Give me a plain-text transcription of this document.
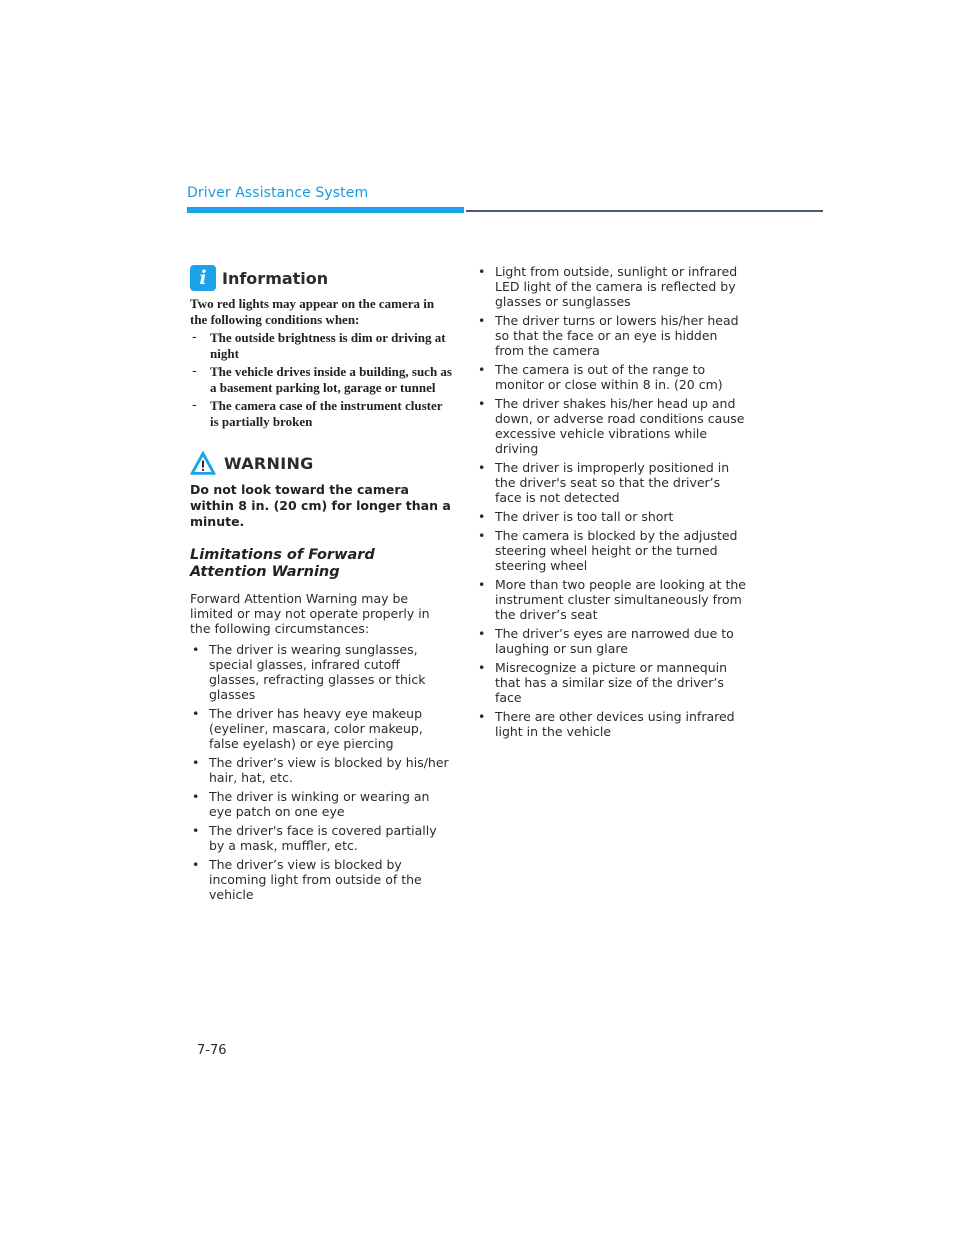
Driver Assistance System
i Information
Two red lights may appear on the camera in the following conditions when:
- The outside brightness is dim or driving at night
- The vehicle drives inside a building, such as a basement parking lot, garage or tunnel
- The camera case of the instrument cluster is partially broken
WARNING
Do not look toward the camera within 8 in. (20 cm) for longer than a minute.
Limitations of Forward Attention Warning
Forward Attention Warning may be limited or may not operate properly in the following circumstances:
• The driver is wearing sunglasses, special glasses, infrared cutoff glasses, refracting glasses or thick glasses
• The driver has heavy eye makeup (eyeliner, mascara, color makeup, false eyelash) or eye piercing
• The driver’s view is blocked by his/her hair, hat, etc.
• The driver is winking or wearing an eye patch on one eye
• The driver's face is covered partially by a mask, muffler, etc.
• The driver’s view is blocked by incoming light from outside of the vehicle
• Light from outside, sunlight or infrared LED light of the camera is reflected by glasses or sunglasses
• The driver turns or lowers his/her head so that the face or an eye is hidden from the camera
• The camera is out of the range to monitor or close within 8 in. (20 cm)
• The driver shakes his/her head up and down, or adverse road conditions cause excessive vehicle vibrations while driving
• The driver is improperly positioned in the driver's seat so that the driver’s face is not detected
• The driver is too tall or short
• The camera is blocked by the adjusted steering wheel height or the turned steering wheel
• More than two people are looking at the instrument cluster simultaneously from the driver’s seat
• The driver’s eyes are narrowed due to laughing or sun glare
• Misrecognize a picture or mannequin that has a similar size of the driver’s face
• There are other devices using infrared light in the vehicle
7-76
